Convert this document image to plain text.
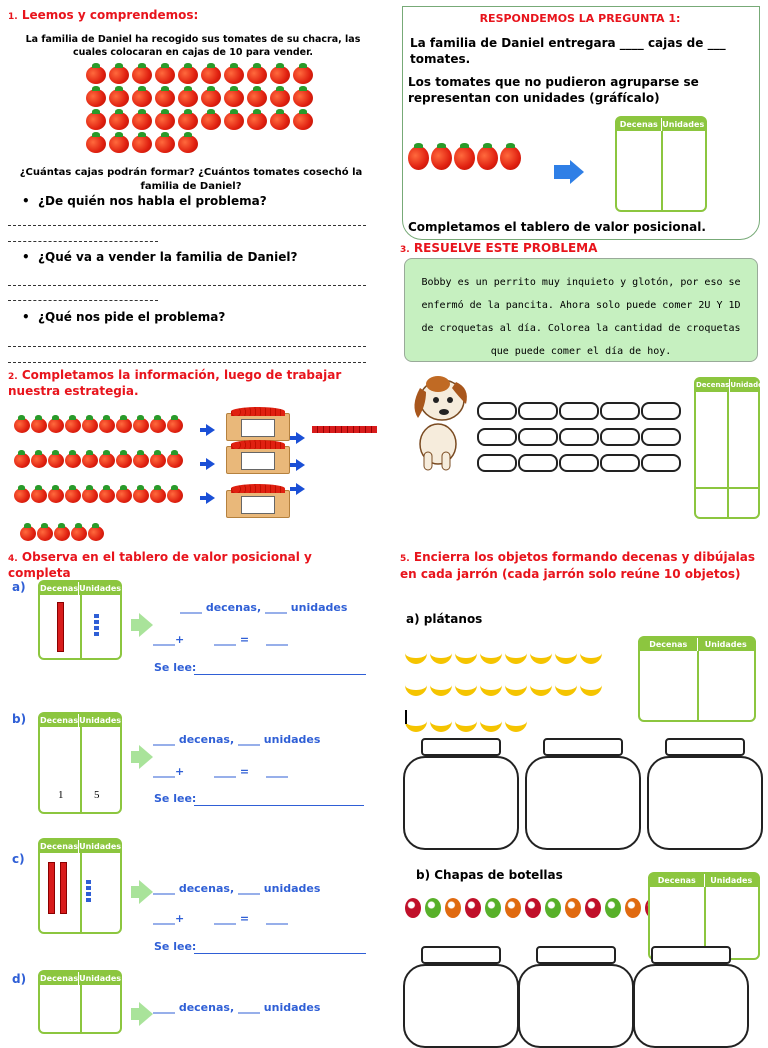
1. Leemos y comprendemos:
La familia de Daniel ha recogido sus tomates de su chacra, las cuales colocaran en cajas de 10 para vender.
¿Cuántas cajas podrán formar? ¿Cuántos tomates cosechó la familia de Daniel?
•  ¿De quién nos habla el problema?
•  ¿Qué va a vender la familia de Daniel?
•  ¿Qué nos pide el problema?
2. Completamos la información, luego de trabajar nuestra estrategia.
4. Observa en el tablero de valor posicional y completa
a) Decenas Unidades
____ decenas, ____ unidades
____+	____ = ____
Se lee:
b) Decenas Unidades
1	5
____ decenas, ____ unidades
____+	____ = ____
Se lee:
c)
Decenas Unidades
____ decenas, ____ unidades
____+	____ = ____
Se lee:
d) Decenas Unidades
____ decenas, ____ unidades
RESPONDEMOS LA PREGUNTA 1:
La familia de Daniel entregara ____ cajas de ___ tomates.
Los tomates que no pudieron agruparse se representan con unidades (gráfícalo)
Decenas Unidades
Completamos el tablero de valor posicional.
3. RESUELVE ESTE PROBLEMA
Bobby es un perrito muy inquieto y glotón, por eso se enfermó de la pancita. Ahora solo puede comer 2U Y 1D de croquetas al día. Colorea la cantidad de croquetas que puede comer el día de hoy.
Decenas Unidades
5. Encierra los objetos formando decenas y dibújalas en cada jarrón (cada jarrón solo reúne 10 objetos)
a) plátanos
Decenas	Unidades
b) Chapas de botellas	Decenas	Unidades
